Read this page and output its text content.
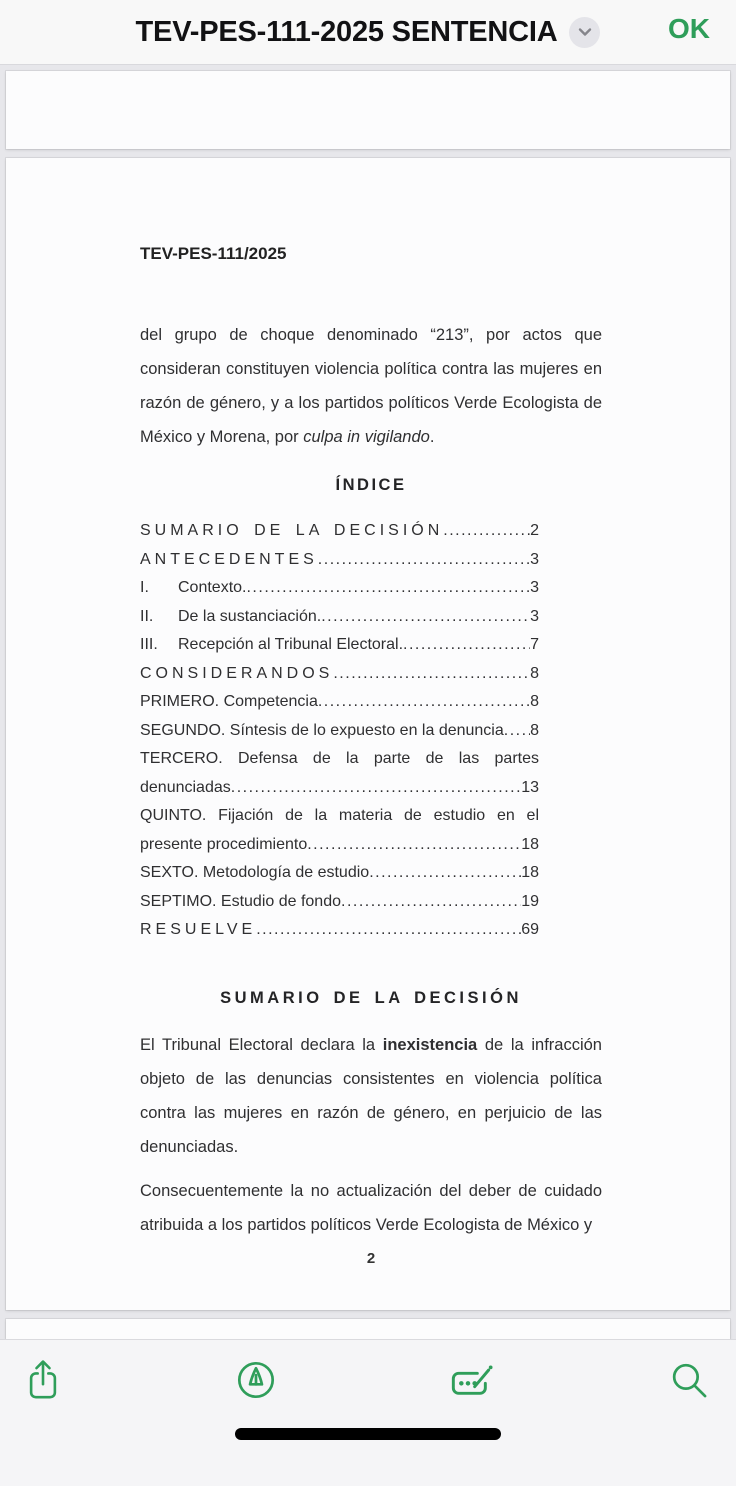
TEV-PES-111-2025 SENTENCIA	OK
TEV-PES-111/2025

del grupo de choque denominado “213”, por actos que consideran constituyen violencia política contra las mujeres en razón de género, y a los partidos políticos Verde Ecologista de México y Morena, por culpa in vigilando.

ÍNDICE
SUMARIO DE LA DECISIÓN .....	2
ANTECEDENTES .....	3
I.	Contexto. .....	3
II.	De la sustanciación. .....	3
III.	Recepción al Tribunal Electoral. .....	7
CONSIDERANDOS .....	8
PRIMERO. Competencia .....	8
SEGUNDO. Síntesis de lo expuesto en la denuncia ..... 8
TERCERO. Defensa de la parte de las partes
denunciadas .....	13
QUINTO. Fijación de la materia de estudio en el
presente procedimiento .....	18
SEXTO. Metodología de estudio .....	18
SEPTIMO. Estudio de fondo .....	19
RESUELVE .....	69
SUMARIO DE LA DECISIÓN

El Tribunal Electoral declara la inexistencia de la infracción objeto de las denuncias consistentes en violencia política contra las mujeres en razón de género, en perjuicio de las denunciadas.

Consecuentemente la no actualización del deber de cuidado atribuida a los partidos políticos Verde Ecologista de México y

2
